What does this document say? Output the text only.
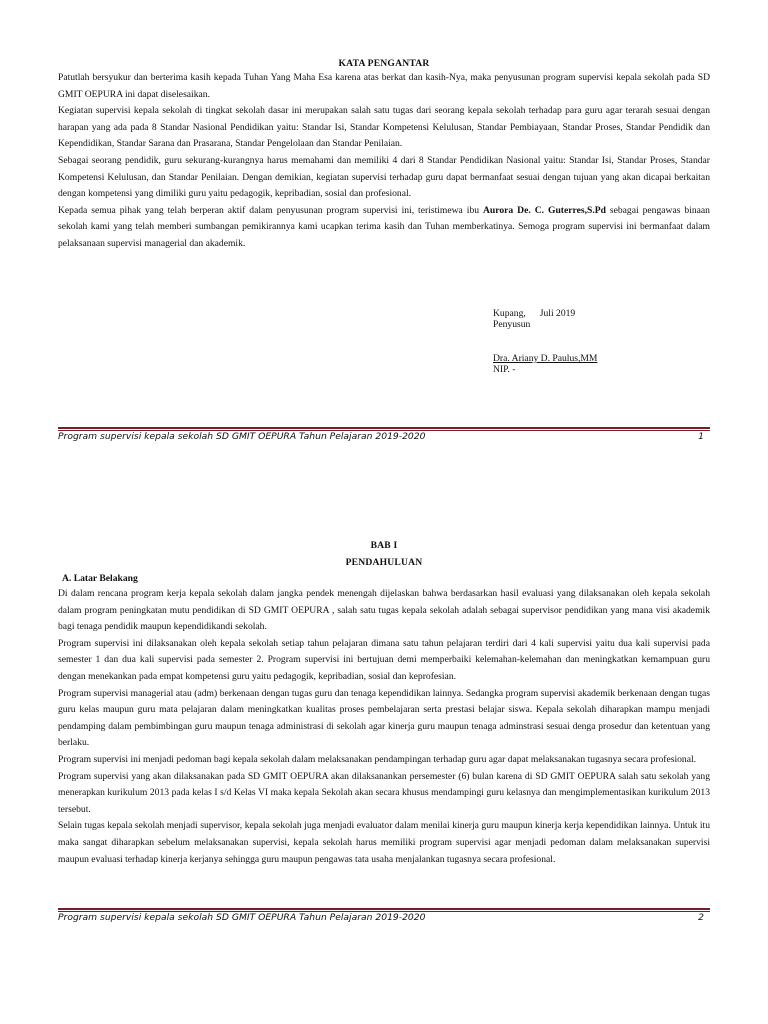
KATA PENGANTAR

Patutlah bersyukur dan berterima kasih kepada Tuhan Yang Maha Esa karena atas berkat dan kasih-Nya, maka penyusunan program supervisi kepala sekolah pada SD GMIT OEPURA ini dapat diselesaikan.

Kegiatan supervisi kepala sekolah di tingkat sekolah dasar ini merupakan salah satu tugas dari seorang kepala sekolah terhadap para guru agar terarah sesuai dengan harapan yang ada pada 8 Standar Nasional Pendidikan yaitu: Standar Isi, Standar Kompetensi Kelulusan, Standar Pembiayaan, Standar Proses, Standar Pendidik dan Kependidikan, Standar Sarana dan Prasarana, Standar Pengelolaan dan Standar Penilaian.

Sebagai seorang pendidik, guru sekurang-kurangnya harus memahami dan memiliki 4 dari 8 Standar Pendidikan Nasional yaitu: Standar Isi, Standar Proses, Standar Kompetensi Kelulusan, dan Standar Penilaian. Dengan demikian, kegiatan supervisi terhadap guru dapat bermanfaat sesuai dengan tujuan yang akan dicapai berkaitan dengan kompetensi yang dimiliki guru yaitu pedagogik, kepribadian, sosial dan profesional.

Kepada semua pihak yang telah berperan aktif dalam penyusunan program supervisi ini, teristimewa ibu Aurora De. C. Guterres,S.Pd sebagai pengawas binaan sekolah kami yang telah memberi sumbangan pemikirannya kami ucapkan terima kasih dan Tuhan memberkatinya. Semoga program supervisi ini bermanfaat dalam pelaksanaan supervisi managerial dan akademik.

Kupang, Juli 2019
Penyusun
Dra. Ariany D. Paulus,MM
NIP. -
Program supervisi kepala sekolah SD GMIT OEPURA Tahun Pelajaran 2019-2020	1
BAB I
PENDAHULUAN
A. Latar Belakang

Di dalam rencana program kerja kepala sekolah dalam jangka pendek menengah dijelaskan bahwa berdasarkan hasil evaluasi yang dilaksanakan oleh kepala sekolah dalam program peningkatan mutu pendidikan di SD GMIT OEPURA , salah satu tugas kepala sekolah adalah sebagai supervisor pendidikan yang mana visi akademik bagi tenaga pendidik maupun kependidikandi sekolah.

Program supervisi ini dilaksanakan oleh kepala sekolah setiap tahun pelajaran dimana satu tahun pelajaran terdiri dari 4 kali supervisi yaitu dua kali supervisi pada semester 1 dan dua kali supervisi pada semester 2. Program supervisi ini bertujuan demi memperbaiki kelemahan-kelemahan dan meningkatkan kemampuan guru dengan menekankan pada empat kompetensi guru yaitu pedagogik, kepribadian, sosial dan keprofesian.

Program supervisi managerial atau (adm) berkenaan dengan tugas guru dan tenaga kependidikan lainnya. Sedangka program supervisi akademik berkenaan dengan tugas guru kelas maupun guru mata pelajaran dalam meningkatkan kualitas proses pembelajaran serta prestasi belajar siswa. Kepala sekolah diharapkan mampu menjadi pendamping dalam pembimbingan guru maupun tenaga administrasi di sekolah agar kinerja guru maupun tenaga adminstrasi sesuai denga prosedur dan ketentuan yang berlaku.

Program supervisi ini menjadi pedoman bagi kepala sekolah dalam melaksanakan pendampingan terhadap guru agar dapat melaksanakan tugasnya secara profesional.

Program supervisi yang akan dilaksanakan pada SD GMIT OEPURA akan dilaksanankan persemester (6) bulan karena di SD GMIT OEPURA salah satu sekolah yang menerapkan kurikulum 2013 pada kelas I s/d Kelas VI maka kepala Sekolah akan secara khusus mendampingi guru kelasnya dan mengimplementasikan kurikulum 2013 tersebut.

Selain tugas kepala sekolah menjadi supervisor, kepala sekolah juga menjadi evaluator dalam menilai kinerja guru maupun kinerja kerja kependidikan lainnya. Untuk itu maka sangat diharapkan sebelum melaksanakan supervisi, kepala sekolah harus memiliki program supervisi agar menjadi pedoman dalam melaksanakan supervisi maupun evaluasi terhadap kinerja kerjanya sehingga guru maupun pengawas tata usaha menjalankan tugasnya secara profesional.

Program supervisi kepala sekolah SD GMIT OEPURA Tahun Pelajaran 2019-2020	2
